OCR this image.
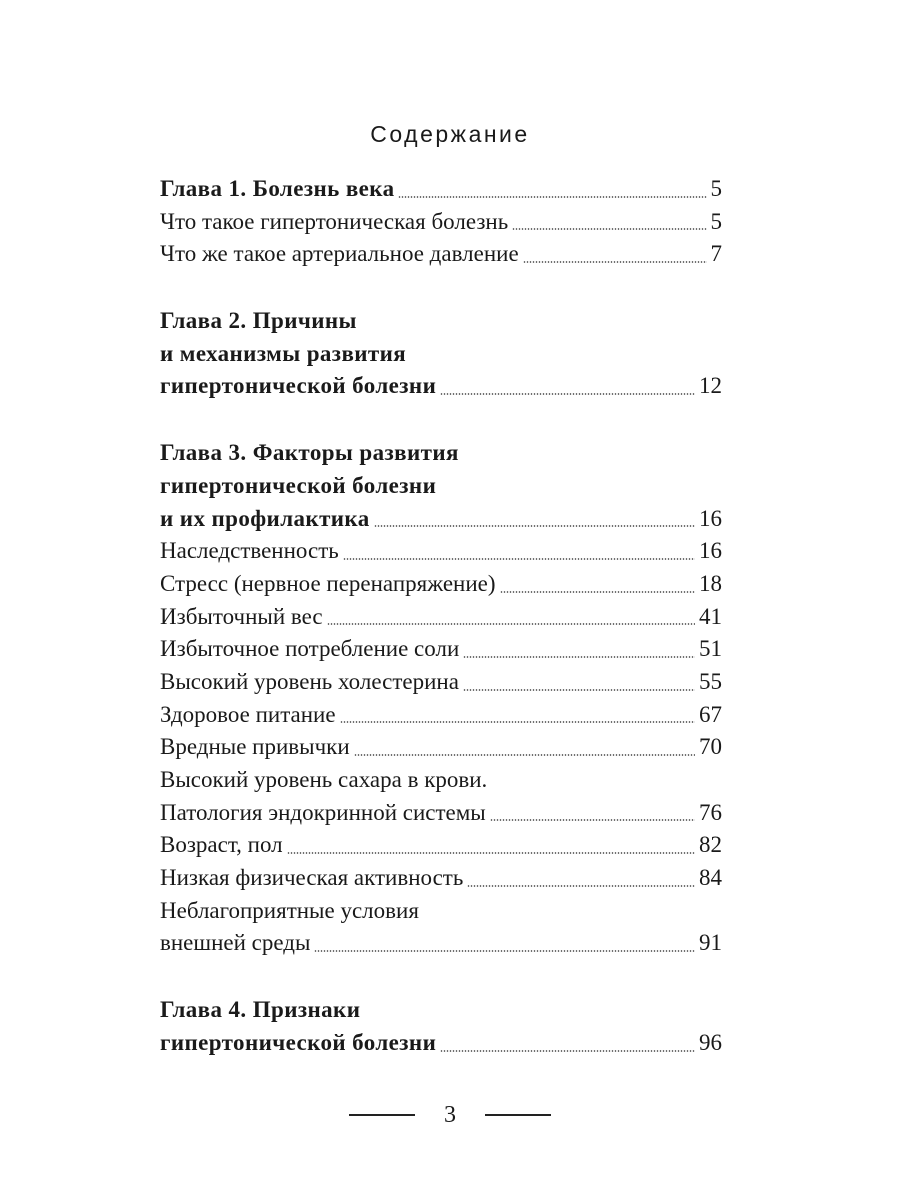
Содержание
Глава 1. Болезнь века	5
Что такое гипертоническая болезнь	5
Что же такое артериальное давление	7
Глава 2. Причины
и механизмы развития
гипертонической болезни	12
Глава 3. Факторы развития
гипертонической болезни
и их профилактика	16
Наследственность	16
Стресс (нервное перенапряжение)	18
Избыточный вес	41
Избыточное потребление соли	51
Высокий уровень холестерина	55
Здоровое питание	67
Вредные привычки	70
Высокий уровень сахара в крови.
Патология эндокринной системы	76
Возраст, пол	82
Низкая физическая активность	84
Неблагоприятные условия
внешней среды	91
Глава 4. Признаки
гипертонической болезни	96
3
